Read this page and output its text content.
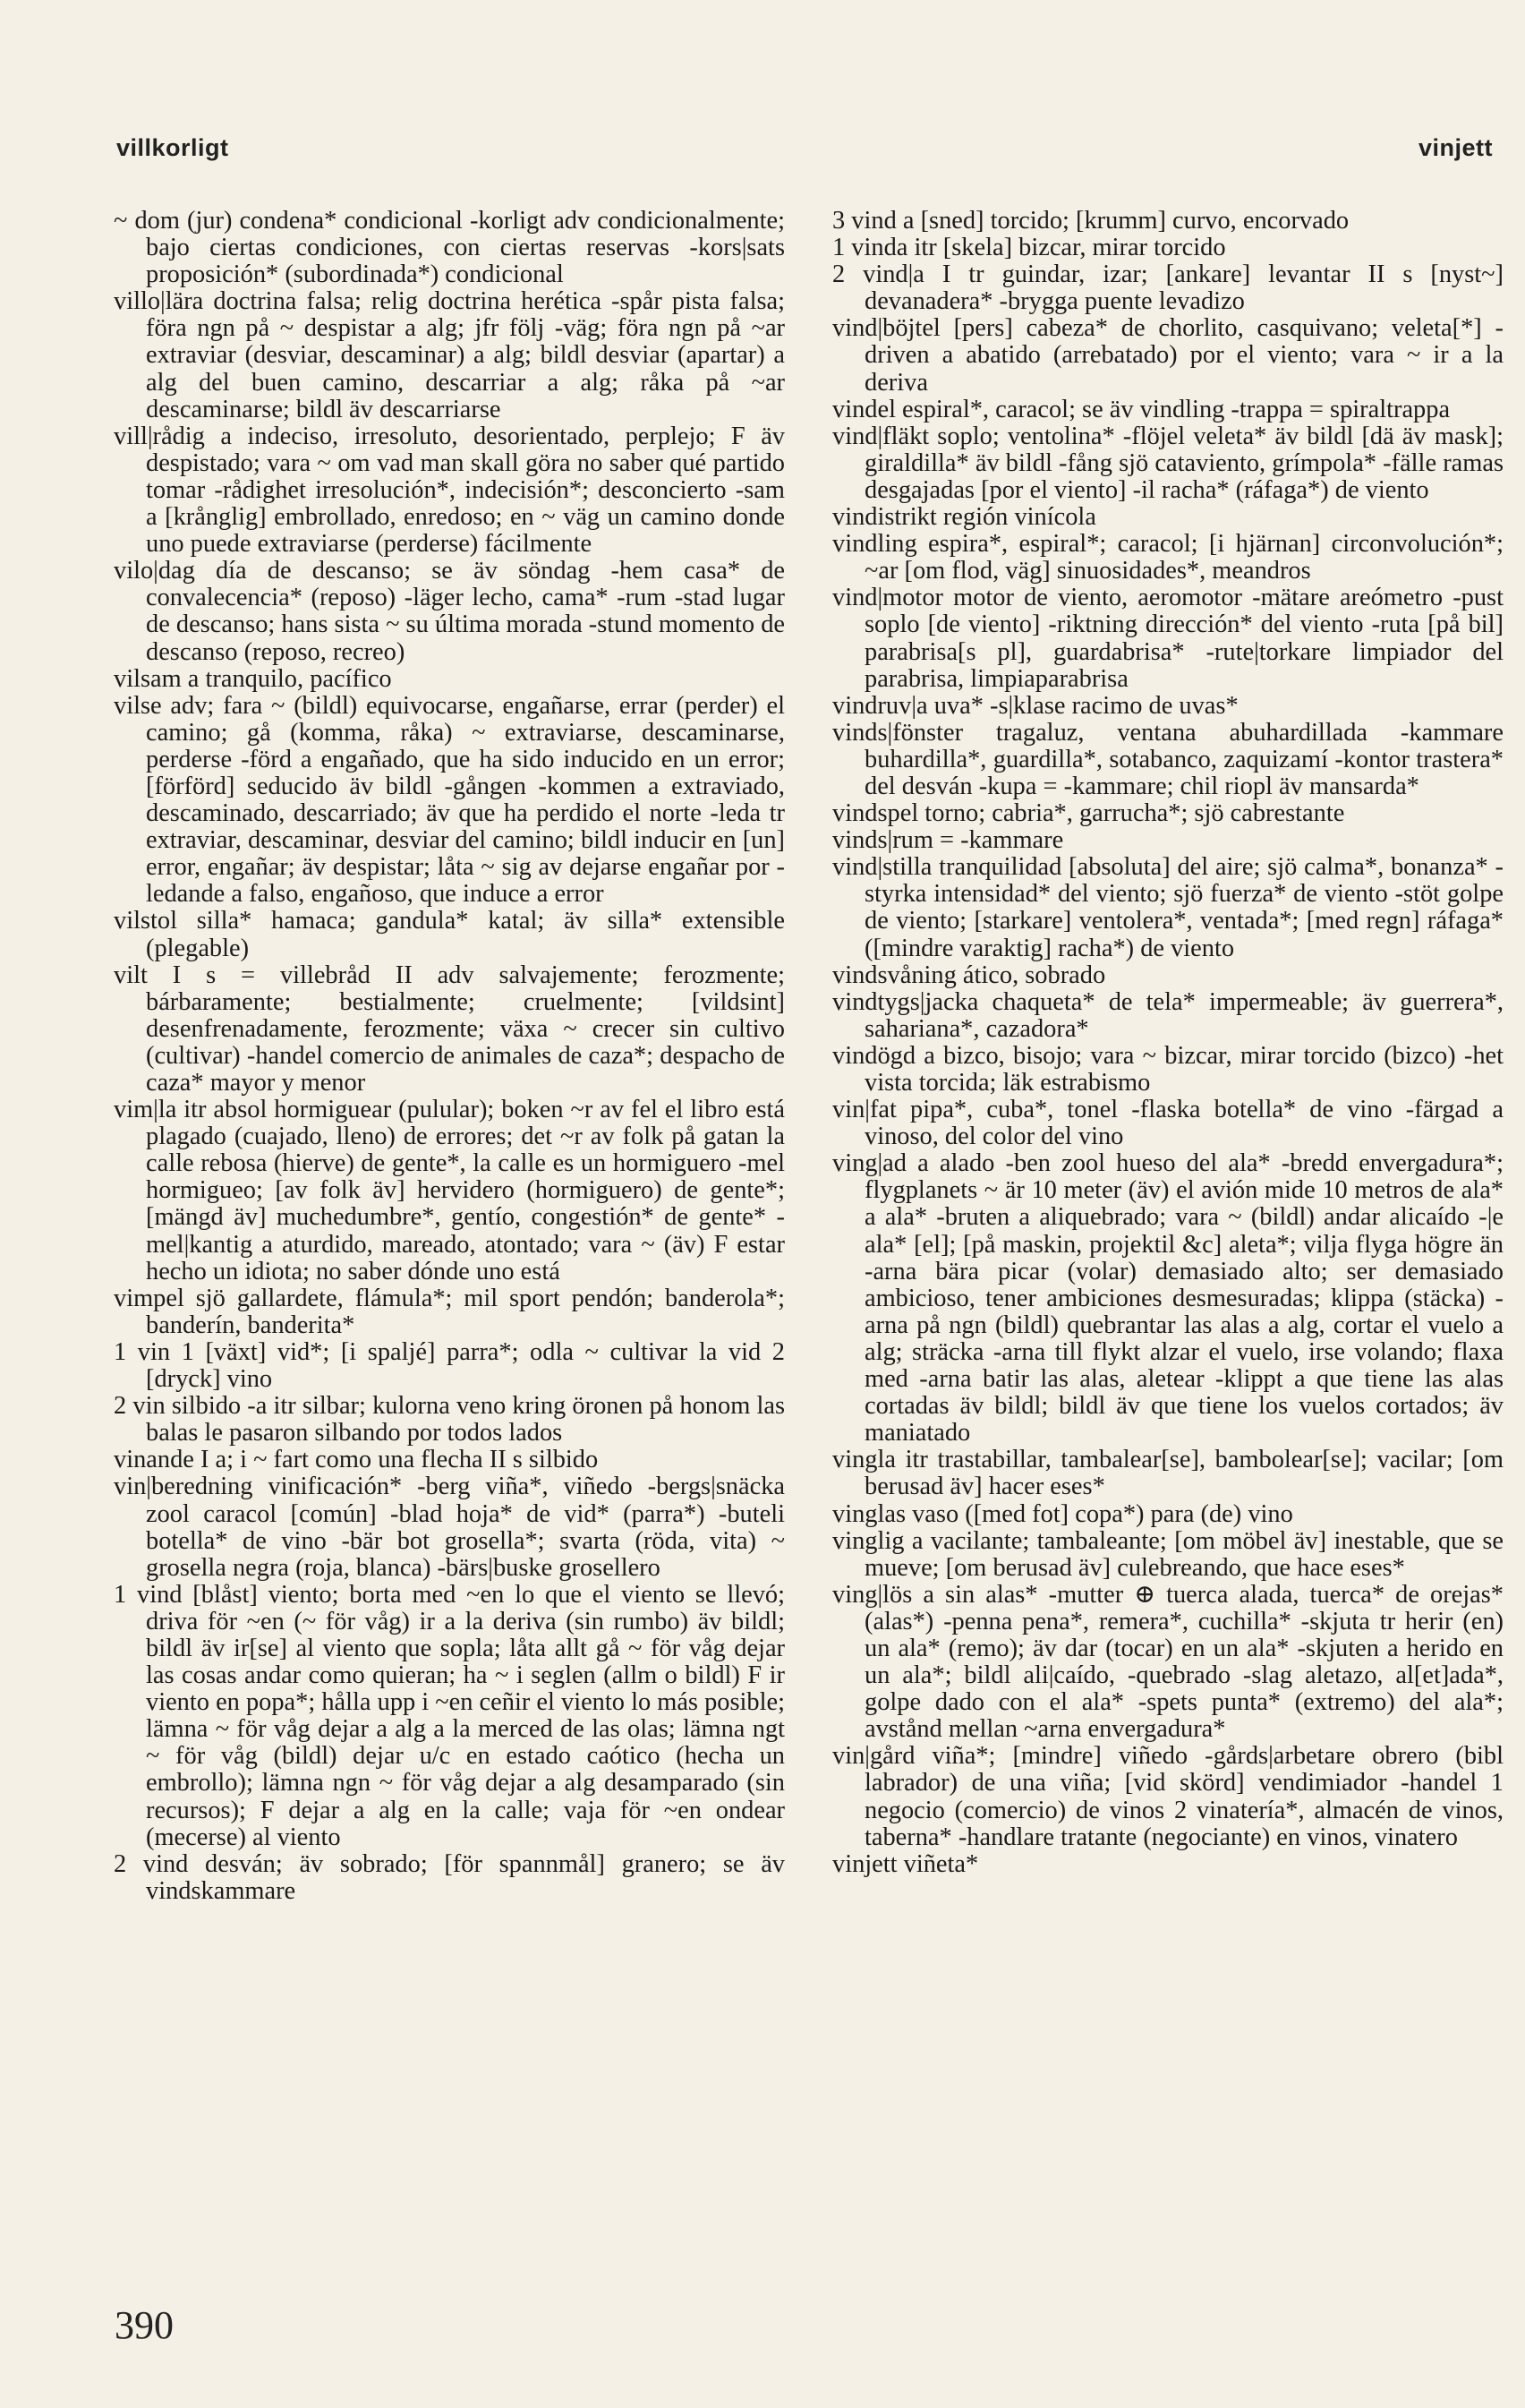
villkorligt	vinjett

~ dom (jur) condena* condicional -korligt adv condicionalmente; bajo ciertas condiciones, con ciertas reservas -kors|sats proposición* (subordinada*) condicional

villo|lära doctrina falsa; relig doctrina herética -spår pista falsa; föra ngn på ~ despistar a alg; jfr följ -väg; föra ngn på ~ar extraviar (desviar, descaminar) a alg; bildl desviar (apartar) a alg del buen camino, descarriar a alg; råka på ~ar descaminarse; bildl äv descarriarse

vill|rådig a indeciso, irresoluto, desorientado, perplejo; F äv despistado; vara ~ om vad man skall göra no saber qué partido tomar -rådighet irresolución*, indecisión*; desconcierto -sam a [krånglig] embrollado, enredoso; en ~ väg un camino donde uno puede extraviarse (perderse) fácilmente

vilo|dag día de descanso; se äv söndag -hem casa* de convalecencia* (reposo) -läger lecho, cama* -rum -stad lugar de descanso; hans sista ~ su última morada -stund momento de descanso (reposo, recreo)

vilsam a tranquilo, pacífico

vilse adv; fara ~ (bildl) equivocarse, engañarse, errar (perder) el camino; gå (komma, råka) ~ extraviarse, descaminarse, perderse -förd a engañado, que ha sido inducido en un error; [förförd] seducido äv bildl -gången -kommen a extraviado, descaminado, descarriado; äv que ha perdido el norte -leda tr extraviar, descaminar, desviar del camino; bildl inducir en [un] error, engañar; äv despistar; låta ~ sig av dejarse engañar por -ledande a falso, engañoso, que induce a error

vilstol silla* hamaca; gandula* katal; äv silla* extensible (plegable)

vilt I s = villebråd II adv salvajemente; ferozmente; bárbaramente; bestialmente; cruelmente; [vildsint] desenfrenadamente, ferozmente; växa ~ crecer sin cultivo (cultivar) -handel comercio de animales de caza*; despacho de caza* mayor y menor

vim|la itr absol hormiguear (pulular); boken ~r av fel el libro está plagado (cuajado, lleno) de errores; det ~r av folk på gatan la calle rebosa (hierve) de gente*, la calle es un hormiguero -mel hormigueo; [av folk äv] hervidero (hormiguero) de gente*; [mängd äv] muchedumbre*, gentío, congestión* de gente* -mel|kantig a aturdido, mareado, atontado; vara ~ (äv) F estar hecho un idiota; no saber dónde uno está

vimpel sjö gallardete, flámula*; mil sport pendón; banderola*; banderín, banderita*

1 vin 1 [växt] vid*; [i spaljé] parra*; odla ~ cultivar la vid 2 [dryck] vino

2 vin silbido -a itr silbar; kulorna veno kring öronen på honom las balas le pasaron silbando por todos lados

vinande I a; i ~ fart como una flecha II s silbido

vin|beredning vinificación* -berg viña*, viñedo -bergs|snäcka zool caracol [común] -blad hoja* de vid* (parra*) -buteli botella* de vino -bär bot grosella*; svarta (röda, vita) ~ grosella negra (roja, blanca) -bärs|buske grosellero

1 vind [blåst] viento; borta med ~en lo que el viento se llevó; driva för ~en (~ för våg) ir a la deriva (sin rumbo) äv bildl; bildl äv ir[se] al viento que sopla; låta allt gå ~ för våg dejar las cosas andar como quieran; ha ~ i seglen (allm o bildl) F ir viento en popa*; hålla upp i ~en ceñir el viento lo más posible; lämna ~ för våg dejar a alg a la merced de las olas; lämna ngt ~ för våg (bildl) dejar u/c en estado caótico (hecha un embrollo); lämna ngn ~ för våg dejar a alg desamparado (sin recursos); F dejar a alg en la calle; vaja för ~en ondear (mecerse) al viento

2 vind desván; äv sobrado; [för spannmål] granero; se äv vindskammare

3 vind a [sned] torcido; [krumm] curvo, encorvado

1 vinda itr [skela] bizcar, mirar torcido

2 vind|a I tr guindar, izar; [ankare] levantar II s [nyst~] devanadera* -brygga puente levadizo

vind|böjtel [pers] cabeza* de chorlito, casquivano; veleta[*] -driven a abatido (arrebatado) por el viento; vara ~ ir a la deriva

vindel espiral*, caracol; se äv vindling -trappa = spiraltrappa

vind|fläkt soplo; ventolina* -flöjel veleta* äv bildl [dä äv mask]; giraldilla* äv bildl -fång sjö cataviento, grímpola* -fälle ramas desgajadas [por el viento] -il racha* (ráfaga*) de viento

vindistrikt región vinícola

vindling espira*, espiral*; caracol; [i hjärnan] circonvolución*; ~ar [om flod, väg] sinuosidades*, meandros

vind|motor motor de viento, aeromotor -mätare areómetro -pust soplo [de viento] -riktning dirección* del viento -ruta [på bil] parabrisa[s pl], guardabrisa* -rute|torkare limpiador del parabrisa, limpiaparabrisa

vindruv|a uva* -s|klase racimo de uvas*

vinds|fönster tragaluz, ventana abuhardillada -kammare buhardilla*, guardilla*, sotabanco, zaquizamí -kontor trastera* del desván -kupa = -kammare; chil riopl äv mansarda*

vindspel torno; cabria*, garrucha*; sjö cabrestante

vinds|rum = -kammare

vind|stilla tranquilidad [absoluta] del aire; sjö calma*, bonanza* -styrka intensidad* del viento; sjö fuerza* de viento -stöt golpe de viento; [starkare] ventolera*, ventada*; [med regn] ráfaga* ([mindre varaktig] racha*) de viento

vindsvåning ático, sobrado

vindtygs|jacka chaqueta* de tela* impermeable; äv guerrera*, sahariana*, cazadora*

vindögd a bizco, bisojo; vara ~ bizcar, mirar torcido (bizco) -het vista torcida; läk estrabismo

vin|fat pipa*, cuba*, tonel -flaska botella* de vino -färgad a vinoso, del color del vino

ving|ad a alado -ben zool hueso del ala* -bredd envergadura*; flygplanets ~ är 10 meter (äv) el avión mide 10 metros de ala* a ala* -bruten a aliquebrado; vara ~ (bildl) andar alicaído -|e ala* [el]; [på maskin, projektil &c] aleta*; vilja flyga högre än -arna bära picar (volar) demasiado alto; ser demasiado ambicioso, tener ambiciones desmesuradas; klippa (stäcka) -arna på ngn (bildl) quebrantar las alas a alg, cortar el vuelo a alg; sträcka -arna till flykt alzar el vuelo, irse volando; flaxa med -arna batir las alas, aletear -klippt a que tiene las alas cortadas äv bildl; bildl äv que tiene los vuelos cortados; äv maniatado

vingla itr trastabillar, tambalear[se], bambolear[se]; vacilar; [om berusad äv] hacer eses*

vinglas vaso ([med fot] copa*) para (de) vino

vinglig a vacilante; tambaleante; [om möbel äv] inestable, que se mueve; [om berusad äv] culebreando, que hace eses*

ving|lös a sin alas* -mutter ⊕ tuerca alada, tuerca* de orejas* (alas*) -penna pena*, remera*, cuchilla* -skjuta tr herir (en) un ala* (remo); äv dar (tocar) en un ala* -skjuten a herido en un ala*; bildl ali|caído, -quebrado -slag aletazo, al[et]ada*, golpe dado con el ala* -spets punta* (extremo) del ala*; avstånd mellan ~arna envergadura*

vin|gård viña*; [mindre] viñedo -gårds|arbetare obrero (bibl labrador) de una viña; [vid skörd] vendimiador -handel 1 negocio (comercio) de vinos 2 vinatería*, almacén de vinos, taberna* -handlare tratante (negociante) en vinos, vinatero

vinjett viñeta*

390
